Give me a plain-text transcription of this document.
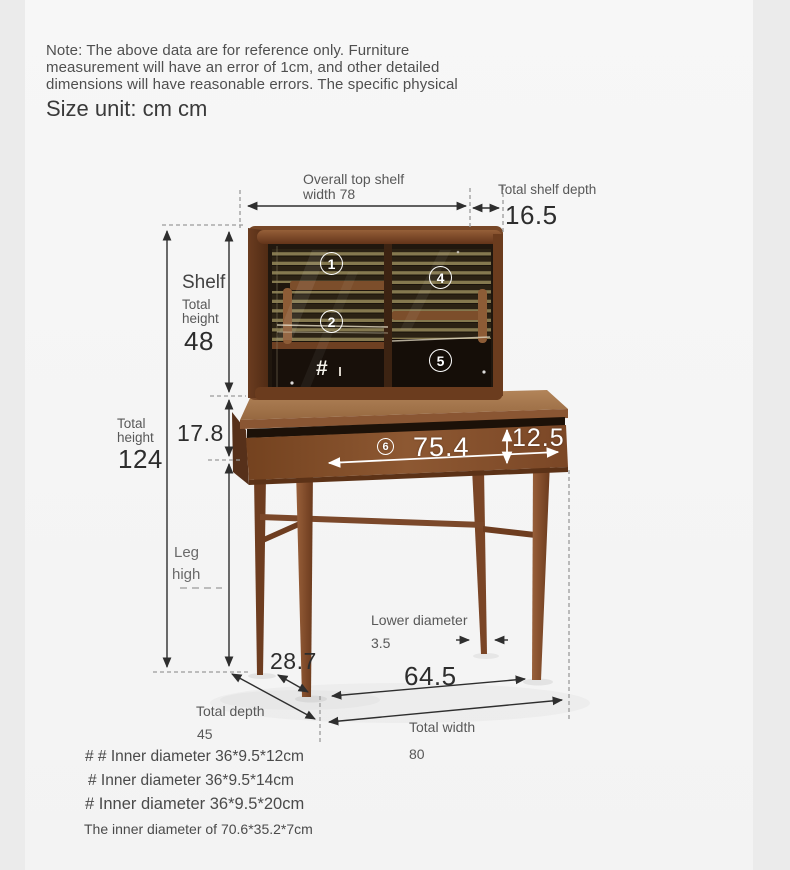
Note: The above data are for reference only. Furniture
measurement will have an error of 1cm, and other detailed
dimensions will have reasonable errors. The specific physical
Size unit: cm cm
Overall top shelf
width 78	Total shelf depth
16.5
Shelf
Total
height
48
Total
height
124
17.8
Leg
high
Lower diameter
3.5
28.7	64.5
Total depth
45	Total width
80
6 75.4 12.5
1
2
4
5
#
# # Inner diameter 36*9.5*12cm
# Inner diameter 36*9.5*14cm
# Inner diameter 36*9.5*20cm
The inner diameter of 70.6*35.2*7cm
